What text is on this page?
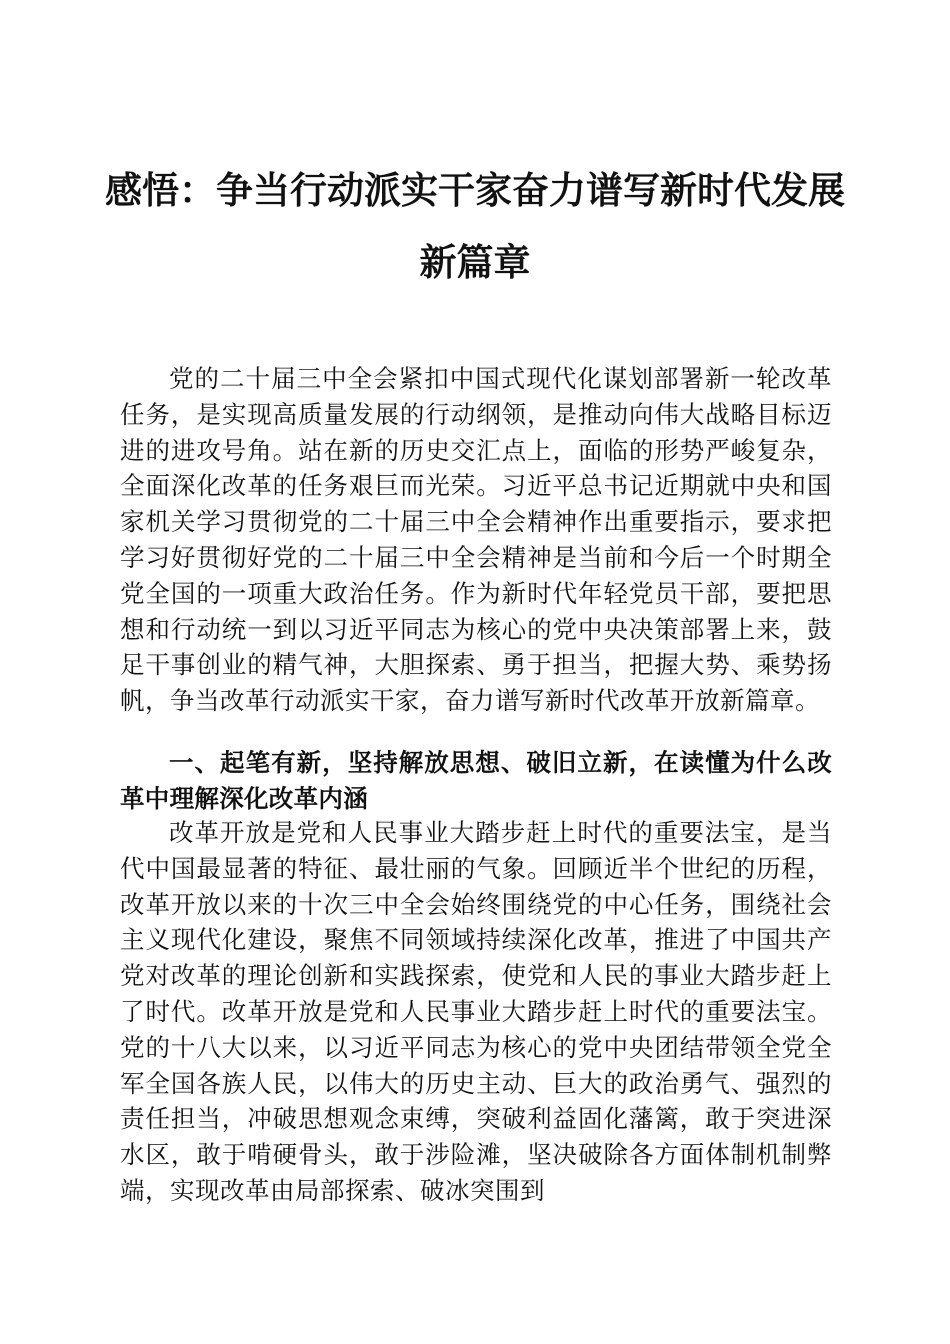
感悟：争当行动派实干家奋力谱写新时代发展
新篇章

党的二十届三中全会紧扣中国式现代化谋划部署新一轮改革任务，是实现高质量发展的行动纲领，是推动向伟大战略目标迈进的进攻号角。站在新的历史交汇点上，面临的形势严峻复杂，全面深化改革的任务艰巨而光荣。习近平总书记近期就中央和国家机关学习贯彻党的二十届三中全会精神作出重要指示，要求把学习好贯彻好党的二十届三中全会精神是当前和今后一个时期全党全国的一项重大政治任务。作为新时代年轻党员干部，要把思想和行动统一到以习近平同志为核心的党中央决策部署上来，鼓足干事创业的精气神，大胆探索、勇于担当，把握大势、乘势扬帆，争当改革行动派实干家，奋力谱写新时代改革开放新篇章。

一、起笔有新，坚持解放思想、破旧立新，在读懂为什么改革中理解深化改革内涵

改革开放是党和人民事业大踏步赶上时代的重要法宝，是当代中国最显著的特征、最壮丽的气象。回顾近半个世纪的历程，改革开放以来的十次三中全会始终围绕党的中心任务，围绕社会主义现代化建设，聚焦不同领域持续深化改革，推进了中国共产党对改革的理论创新和实践探索，使党和人民的事业大踏步赶上了时代。改革开放是党和人民事业大踏步赶上时代的重要法宝。党的十八大以来，以习近平同志为核心的党中央团结带领全党全军全国各族人民，以伟大的历史主动、巨大的政治勇气、强烈的责任担当，冲破思想观念束缚，突破利益固化藩篱，敢于突进深水区，敢于啃硬骨头，敢于涉险滩，坚决破除各方面体制机制弊端，实现改革由局部探索、破冰突围到
